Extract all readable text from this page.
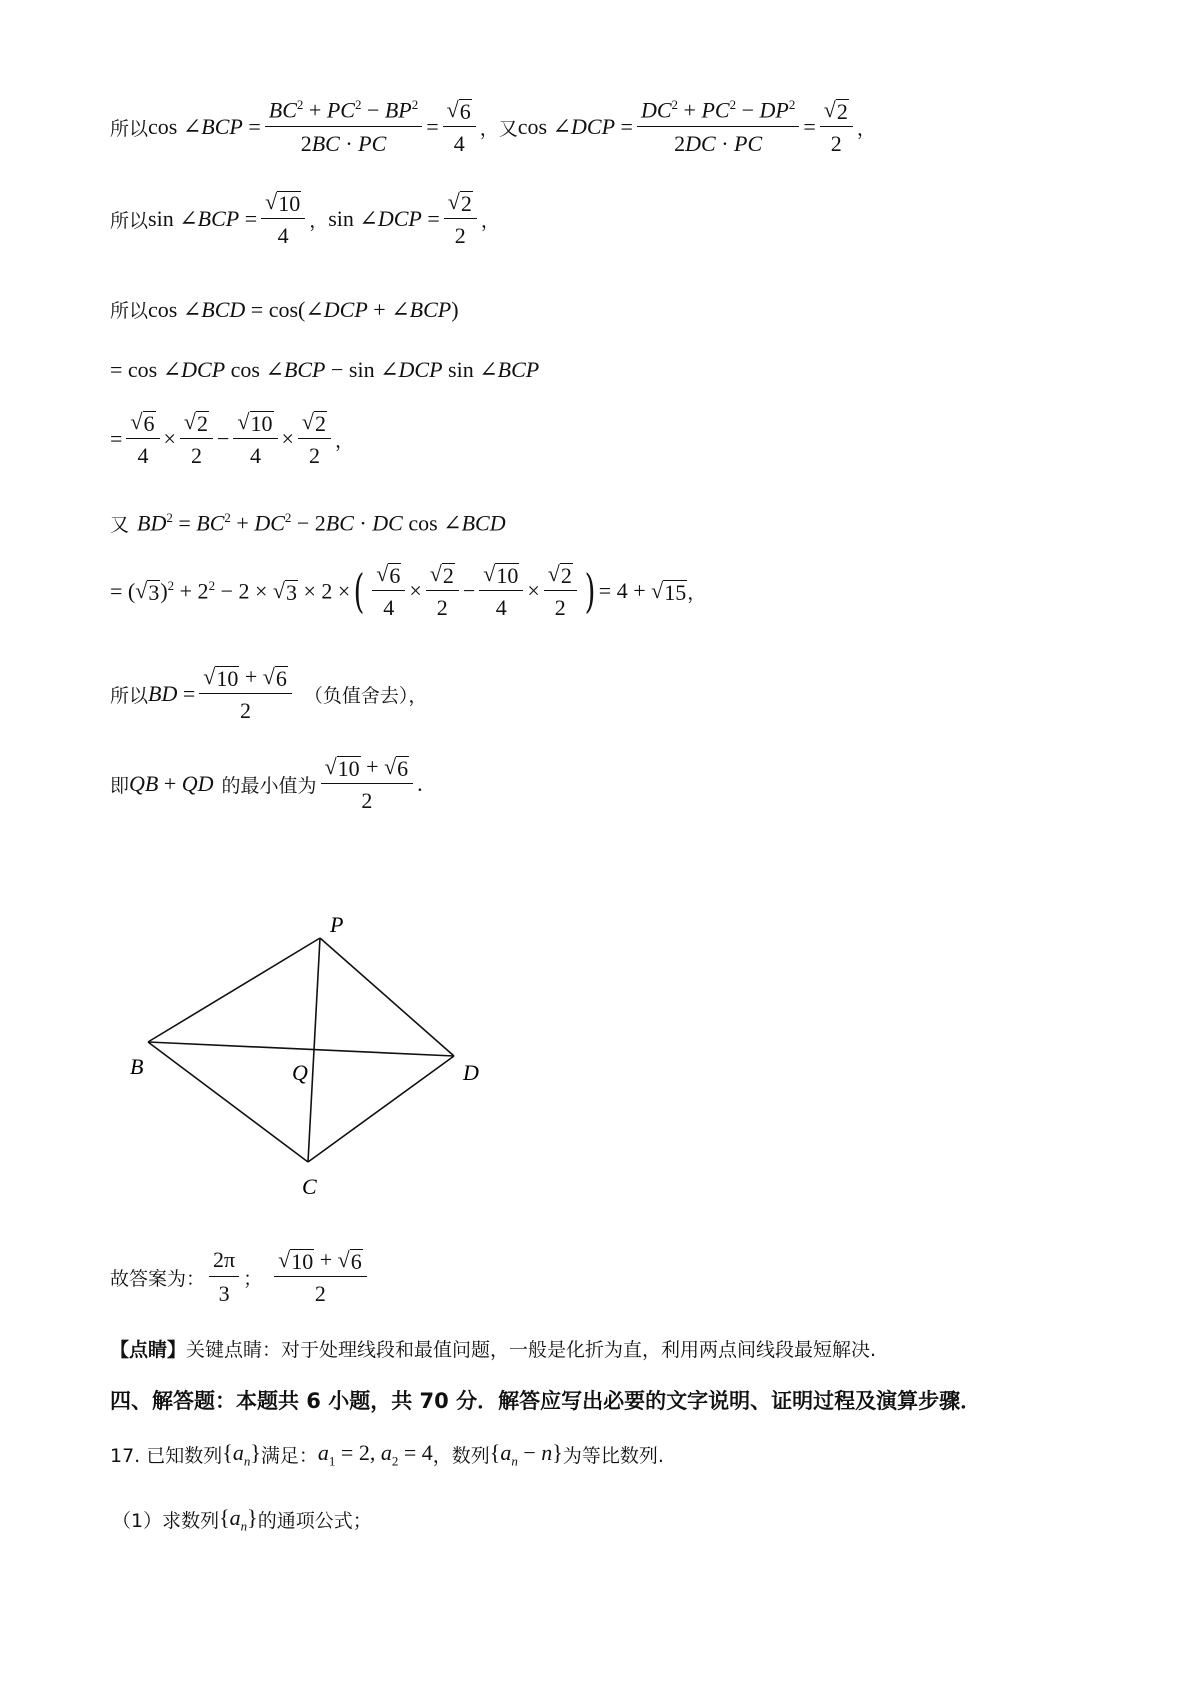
所以 cos ∠BCP = $\frac{BC^2 + PC^2 - BP^2}{2BC \cdot PC} = \frac{√ 6}{4}$ ，又 cos ∠DCP = $\frac{DC^2 + PC^2 - DP^2}{2DC \cdot PC} = \frac{√ 2}{2}$ ，
所以 sin ∠BCP = $\frac{√ 10}{4}$ ， sin ∠DCP = $\frac{√ 2}{2}$ ，
所以 cos ∠BCD = cos(∠DCP + ∠BCP)
= cos ∠DCP cos ∠BCP − sin ∠DCP sin ∠BCP
= $\frac{√ 6}{4} \times \frac{√ 2}{2} - \frac{√ 10}{4} \times \frac{√ 2}{2}$ ，
又 $BD^2 = BC^2 + DC^2 - 2BC$ · DC cos ∠BCD
= ( √ 3 )$^2 + 2^2 - 2$ × √ 3 × 2 × ( $\frac{√ 6}{4} \times \frac{√ 2}{2} - \frac{√ 10}{4} \times \frac{√ 2}{2}$ ) = 4 + √ 15 ，
所以 BD = $\frac{√ 10 + √ 6}{2}$ （负值舍去），
即 QB + QD 的最小值为 $\frac{√ 10 + √ 6}{2}$ .
P
B	Q	D
C
故答案为： $\frac{2\pi}{3}$ ； $\frac{√ 10 + √ 6}{2}$
【点睛】 关键点睛：对于处理线段和最值问题，一般是化折为直，利用两点间线段最短解决.
四、解答题：本题共 6 小题，共 70 分．解答应写出必要的文字说明、证明过程及演算步骤．
17. 已知数列 $\{a_n\}$ 满足： $a_1 = 2$, $a_2 = 4$ ，数列 $\{a_n - n\}$ 为等比数列.
（1）求数列 $\{a_n\}$ 的通项公式；
